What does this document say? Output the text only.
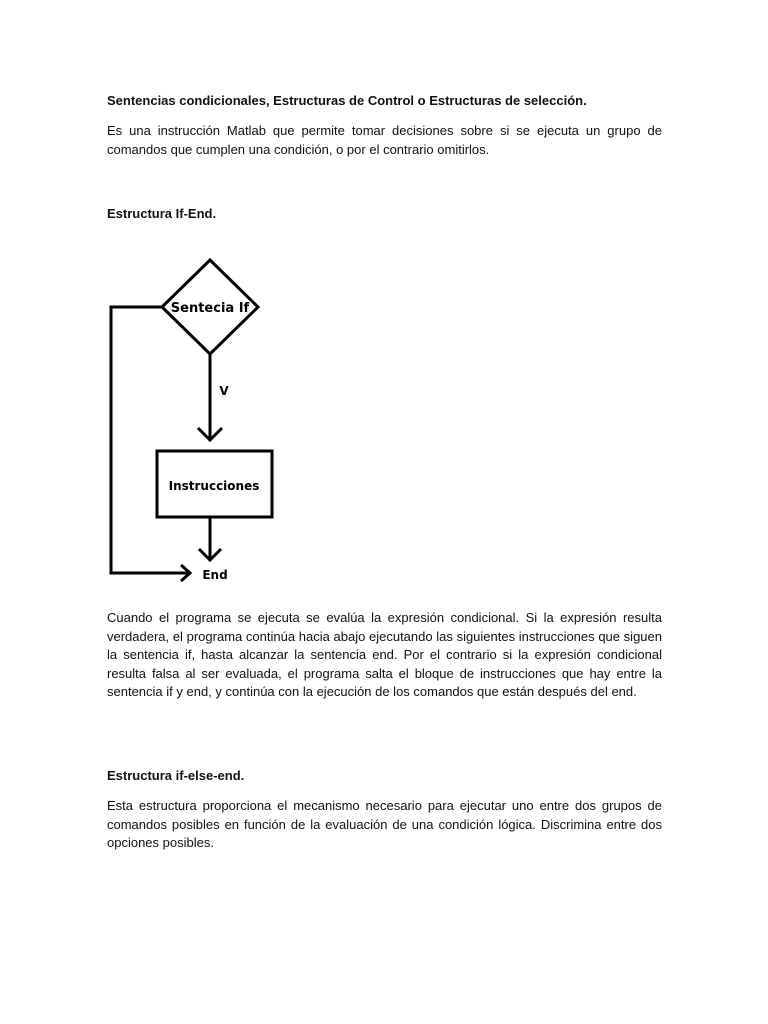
Sentencias condicionales, Estructuras de Control o Estructuras de selección.

Es una instrucción Matlab que permite tomar decisiones sobre si se ejecuta un grupo de comandos que cumplen una condición, o por el contrario omitirlos.

Estructura If-End.

Sentecia If
V
Instrucciones
End

Cuando el programa se ejecuta se evalúa la expresión condicional. Si la expresión resulta verdadera, el programa continúa hacia abajo ejecutando las siguientes instrucciones que siguen la sentencia if, hasta alcanzar la sentencia end. Por el contrario si la expresión condicional resulta falsa al ser evaluada, el programa salta el bloque de instrucciones que hay entre la sentencia if y end, y continúa con la ejecución de los comandos que están después del end.

Estructura if-else-end.

Esta estructura proporciona el mecanismo necesario para ejecutar uno entre dos grupos de comandos posibles en función de la evaluación de una condición lógica. Discrimina entre dos opciones posibles.
